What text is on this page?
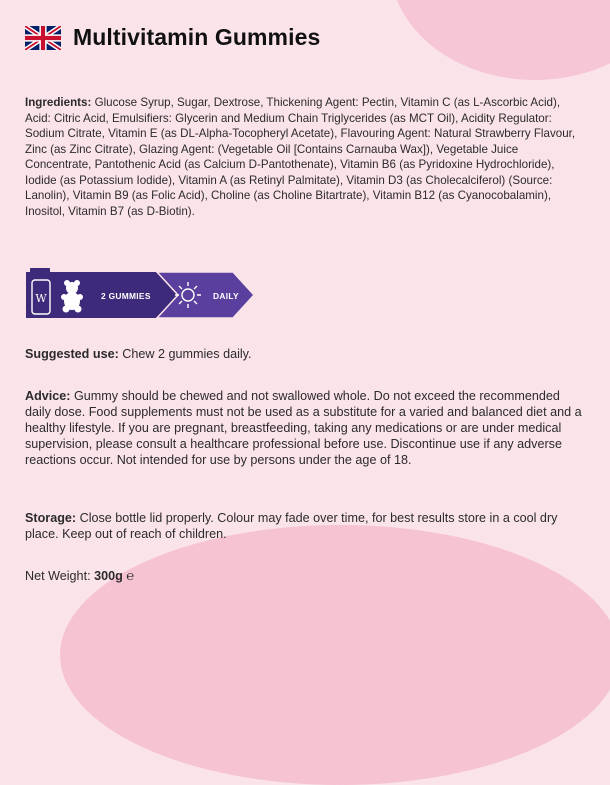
Multivitamin Gummies

Ingredients: Glucose Syrup, Sugar, Dextrose, Thickening Agent: Pectin, Vitamin C (as L-Ascorbic Acid), Acid: Citric Acid, Emulsifiers: Glycerin and Medium Chain Triglycerides (as MCT Oil), Acidity Regulator: Sodium Citrate, Vitamin E (as DL-Alpha-Tocopheryl Acetate), Flavouring Agent: Natural Strawberry Flavour, Zinc (as Zinc Citrate), Glazing Agent: (Vegetable Oil [Contains Carnauba Wax]), Vegetable Juice Concentrate, Pantothenic Acid (as Calcium D-Pantothenate), Vitamin B6 (as Pyridoxine Hydrochloride), Iodide (as Potassium Iodide), Vitamin A (as Retinyl Palmitate), Vitamin D3 (as Cholecalciferol) (Source: Lanolin), Vitamin B9 (as Folic Acid), Choline (as Choline Bitartrate), Vitamin B12 (as Cyanocobalamin), Inositol, Vitamin B7 (as D-Biotin).

W	2 GUMMIES	DAILY

Suggested use: Chew 2 gummies daily.

Advice: Gummy should be chewed and not swallowed whole. Do not exceed the recommended daily dose. Food supplements must not be used as a substitute for a varied and balanced diet and a healthy lifestyle. If you are pregnant, breastfeeding, taking any medications or are under medical supervision, please consult a healthcare professional before use. Discontinue use if any adverse reactions occur. Not intended for use by persons under the age of 18.

Storage: Close bottle lid properly. Colour may fade over time, for best results store in a cool dry place. Keep out of reach of children.

Net Weight: 300g ℮
